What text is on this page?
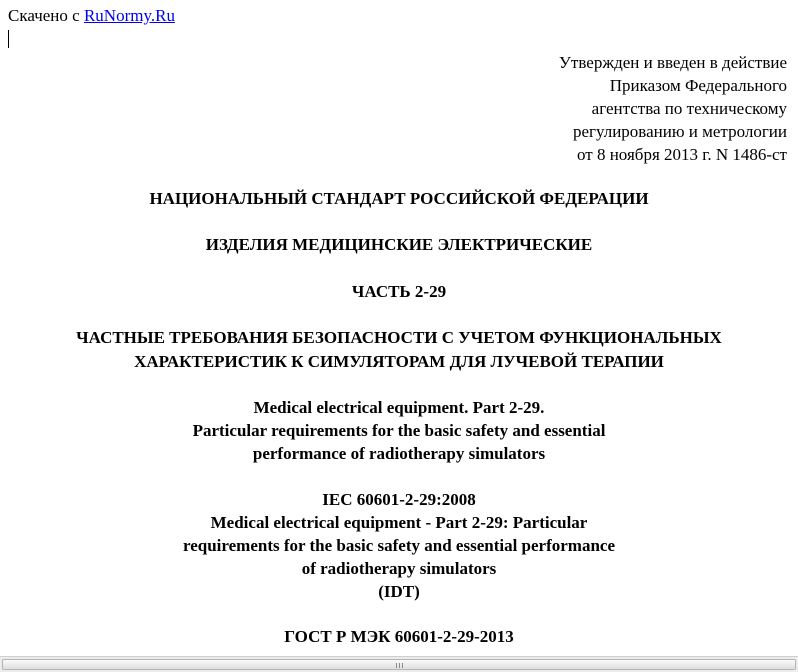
Скачено с RuNormy.Ru
Утвержден и введен в действие
Приказом Федерального
агентства по техническому
регулированию и метрологии
от 8 ноября 2013 г. N 1486-ст
НАЦИОНАЛЬНЫЙ СТАНДАРТ РОССИЙСКОЙ ФЕДЕРАЦИИ
ИЗДЕЛИЯ МЕДИЦИНСКИЕ ЭЛЕКТРИЧЕСКИЕ
ЧАСТЬ 2-29
ЧАСТНЫЕ ТРЕБОВАНИЯ БЕЗОПАСНОСТИ С УЧЕТОМ ФУНКЦИОНАЛЬНЫХ
ХАРАКТЕРИСТИК К СИМУЛЯТОРАМ ДЛЯ ЛУЧЕВОЙ ТЕРАПИИ
Medical electrical equipment. Part 2-29.
Particular requirements for the basic safety and essential
performance of radiotherapy simulators
IEC 60601-2-29:2008
Medical electrical equipment - Part 2-29: Particular
requirements for the basic safety and essential performance
of radiotherapy simulators
(IDT)
ГОСТ Р МЭК 60601-2-29-2013
